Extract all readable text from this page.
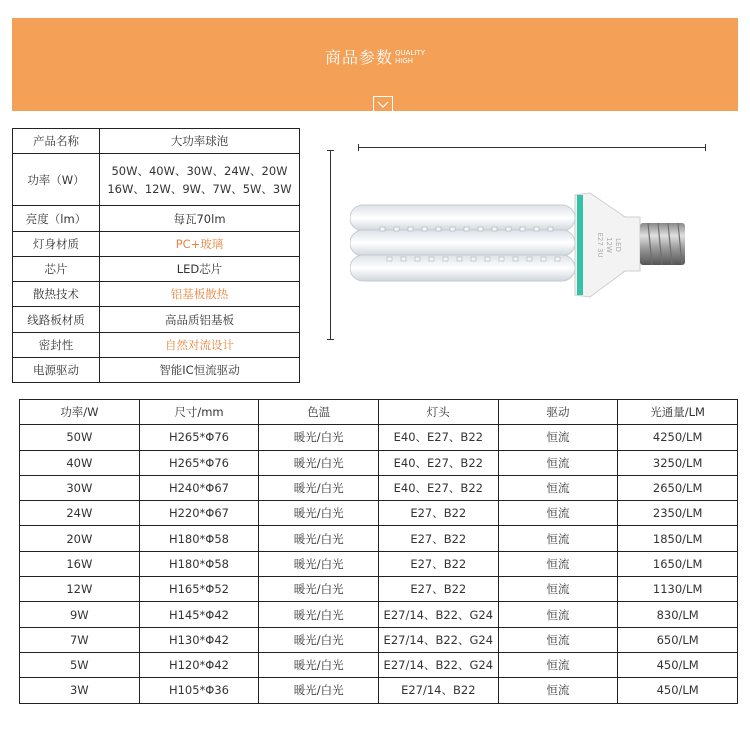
商品参数 QUALITY
HIGH
产品名称	大功率球泡
功率（W）	50W、40W、30W、24W、20W
16W、12W、9W、7W、5W、3W
亮度（lm）	每瓦70lm
灯身材质	PC+玻璃
芯片	LED芯片
散热技术	铝基板散热
线路板材质	高品质铝基板
密封性	自然对流设计
电源驱动	智能IC恒流驱动
LED
12W
E27 3U
功率/W	尺寸/mm	色温	灯头	驱动	光通量/LM
50W	H265*Φ76	暖光/白光	E40、E27、B22	恒流	4250/LM
40W	H265*Φ76	暖光/白光	E40、E27、B22	恒流	3250/LM
30W	H240*Φ67	暖光/白光	E40、E27、B22	恒流	2650/LM
24W	H220*Φ67	暖光/白光	E27、B22	恒流	2350/LM
20W	H180*Φ58	暖光/白光	E27、B22	恒流	1850/LM
16W	H180*Φ58	暖光/白光	E27、B22	恒流	1650/LM
12W	H165*Φ52	暖光/白光	E27、B22	恒流	1130/LM
9W	H145*Φ42	暖光/白光	E27/14、B22、G24	恒流	830/LM
7W	H130*Φ42	暖光/白光	E27/14、B22、G24	恒流	650/LM
5W	H120*Φ42	暖光/白光	E27/14、B22、G24	恒流	450/LM
3W	H105*Φ36	暖光/白光	E27/14、B22	恒流	450/LM
